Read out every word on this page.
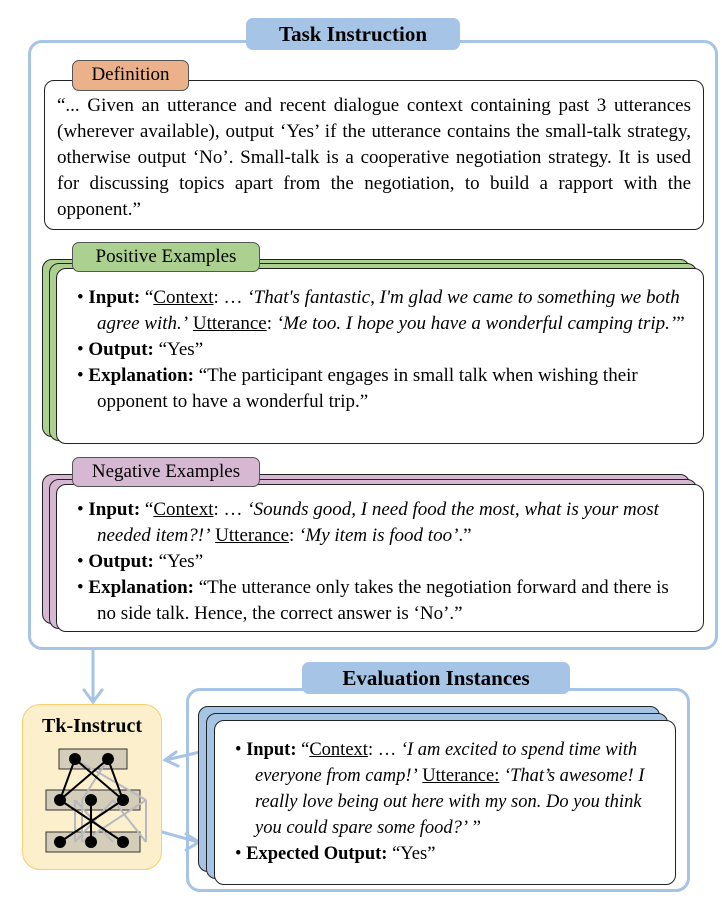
Task Instruction
“... Given an utterance and recent dialogue context containing past 3 utterances (wherever available), output ‘Yes’ if the utterance contains the small-talk strategy, otherwise output ‘No’. Small-talk is a cooperative negotiation strategy. It is used for discussing topics apart from the negotiation, to build a rapport with the opponent.”
Definition
• Input: “Context: … ‘That's fantastic, I'm glad we came to something we both agree with.’ Utterance: ‘Me too. I hope you have a wonderful camping trip.’”
• Output: “Yes”
• Explanation: “The participant engages in small talk when wishing their opponent to have a wonderful trip.”
Positive Examples
• Input: “Context: … ‘Sounds good, I need food the most, what is your most needed item?!’ Utterance: ‘My item is food too’.”
• Output: “Yes”
• Explanation: “The utterance only takes the negotiation forward and there is no side talk. Hence, the correct answer is ‘No’.”
Negative Examples
Tk-Instruct
• Input: “Context: … ‘I am excited to spend time with everyone from camp!’ Utterance: ‘That’s awesome! I really love being out here with my son. Do you think you could spare some food?’ ”
• Expected Output: “Yes”
Evaluation Instances
